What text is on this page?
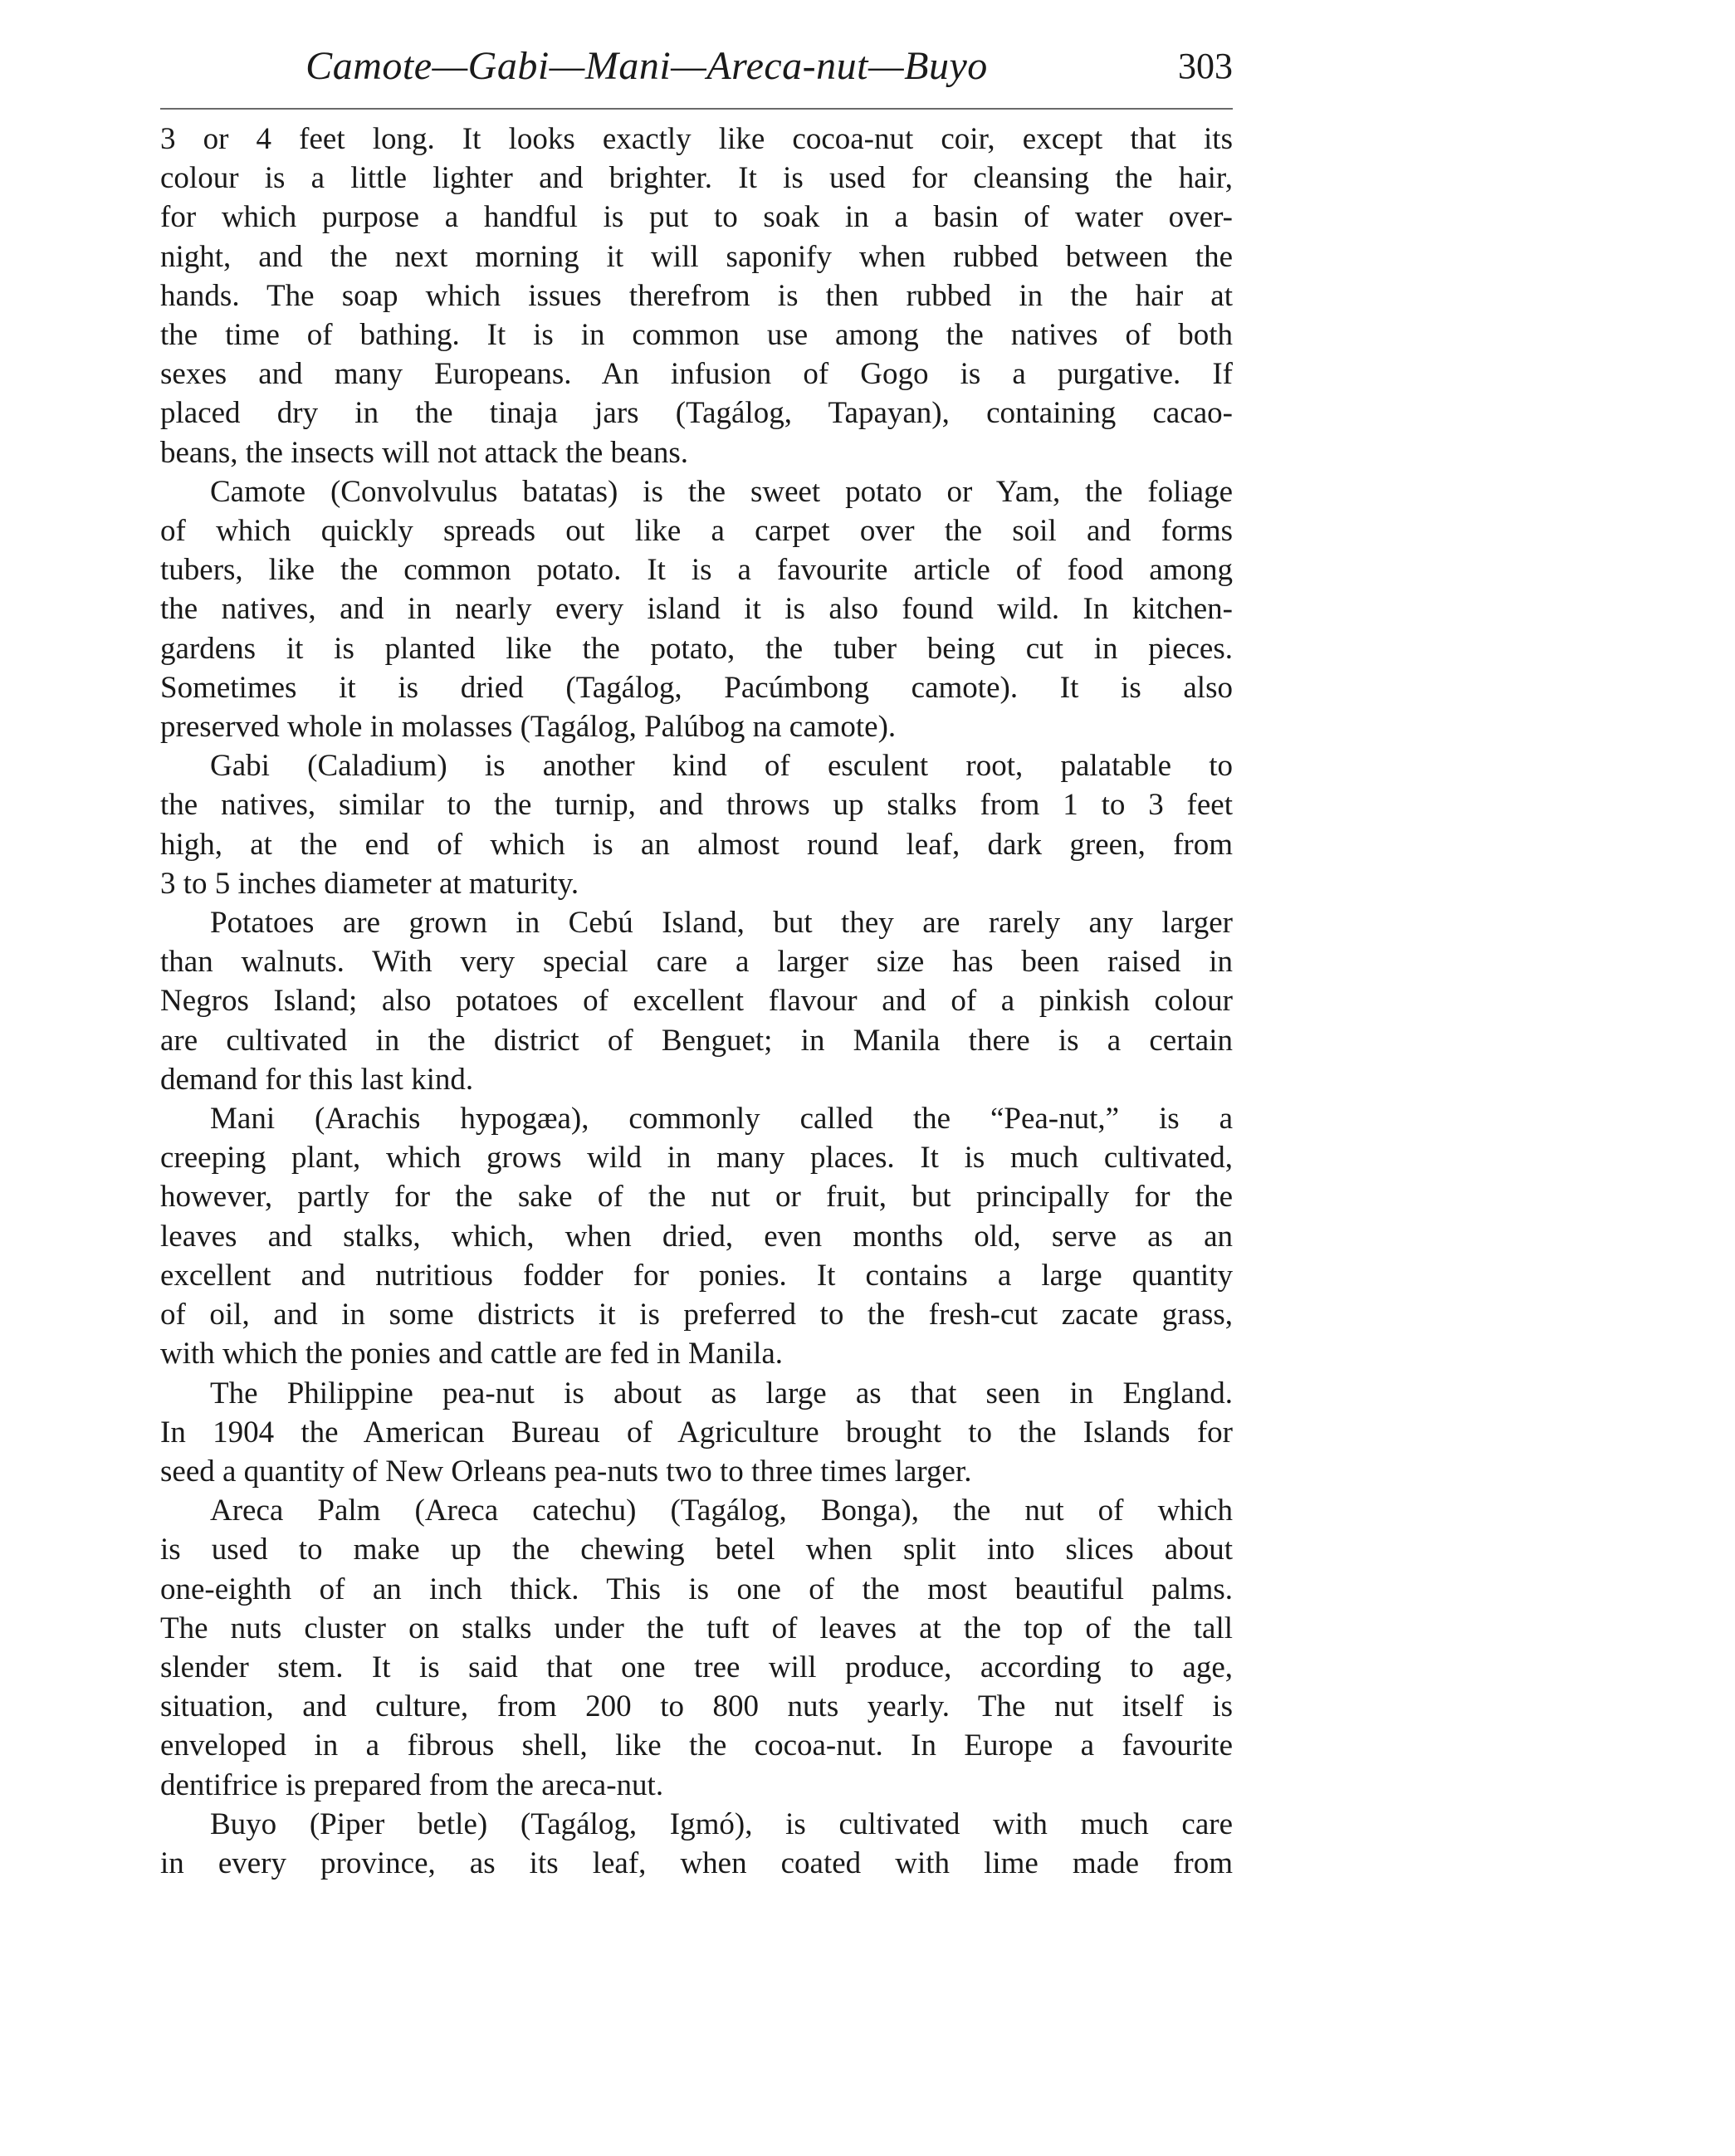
Camote—Gabi—Mani—Areca-nut—Buyo	303

3 or 4 feet long. It looks exactly like cocoa-nut coir, except that its
colour is a little lighter and brighter. It is used for cleansing the hair,
for which purpose a handful is put to soak in a basin of water over-
night, and the next morning it will saponify when rubbed between the
hands. The soap which issues therefrom is then rubbed in the hair at
the time of bathing. It is in common use among the natives of both
sexes and many Europeans. An infusion of Gogo is a purgative. If
placed dry in the tinaja jars (Tagálog, Tapayan), containing cacao-
beans, the insects will not attack the beans.

Camote (Convolvulus batatas) is the sweet potato or Yam, the foliage
of which quickly spreads out like a carpet over the soil and forms
tubers, like the common potato. It is a favourite article of food among
the natives, and in nearly every island it is also found wild. In kitchen-
gardens it is planted like the potato, the tuber being cut in pieces.
Sometimes it is dried (Tagálog, Pacúmbong camote). It is also
preserved whole in molasses (Tagálog, Palúbog na camote).

Gabi (Caladium) is another kind of esculent root, palatable to
the natives, similar to the turnip, and throws up stalks from 1 to 3 feet
high, at the end of which is an almost round leaf, dark green, from
3 to 5 inches diameter at maturity.

Potatoes are grown in Cebú Island, but they are rarely any larger
than walnuts. With very special care a larger size has been raised in
Negros Island; also potatoes of excellent flavour and of a pinkish colour
are cultivated in the district of Benguet; in Manila there is a certain
demand for this last kind.

Mani (Arachis hypogæa), commonly called the “Pea-nut,” is a
creeping plant, which grows wild in many places. It is much cultivated,
however, partly for the sake of the nut or fruit, but principally for the
leaves and stalks, which, when dried, even months old, serve as an
excellent and nutritious fodder for ponies. It contains a large quantity
of oil, and in some districts it is preferred to the fresh-cut zacate grass,
with which the ponies and cattle are fed in Manila.

The Philippine pea-nut is about as large as that seen in England.
In 1904 the American Bureau of Agriculture brought to the Islands for
seed a quantity of New Orleans pea-nuts two to three times larger.

Areca Palm (Areca catechu) (Tagálog, Bonga), the nut of which
is used to make up the chewing betel when split into slices about
one-eighth of an inch thick. This is one of the most beautiful palms.
The nuts cluster on stalks under the tuft of leaves at the top of the tall
slender stem. It is said that one tree will produce, according to age,
situation, and culture, from 200 to 800 nuts yearly. The nut itself is
enveloped in a fibrous shell, like the cocoa-nut. In Europe a favourite
dentifrice is prepared from the areca-nut.

Buyo (Piper betle) (Tagálog, Igmó), is cultivated with much care
in every province, as its leaf, when coated with lime made from
